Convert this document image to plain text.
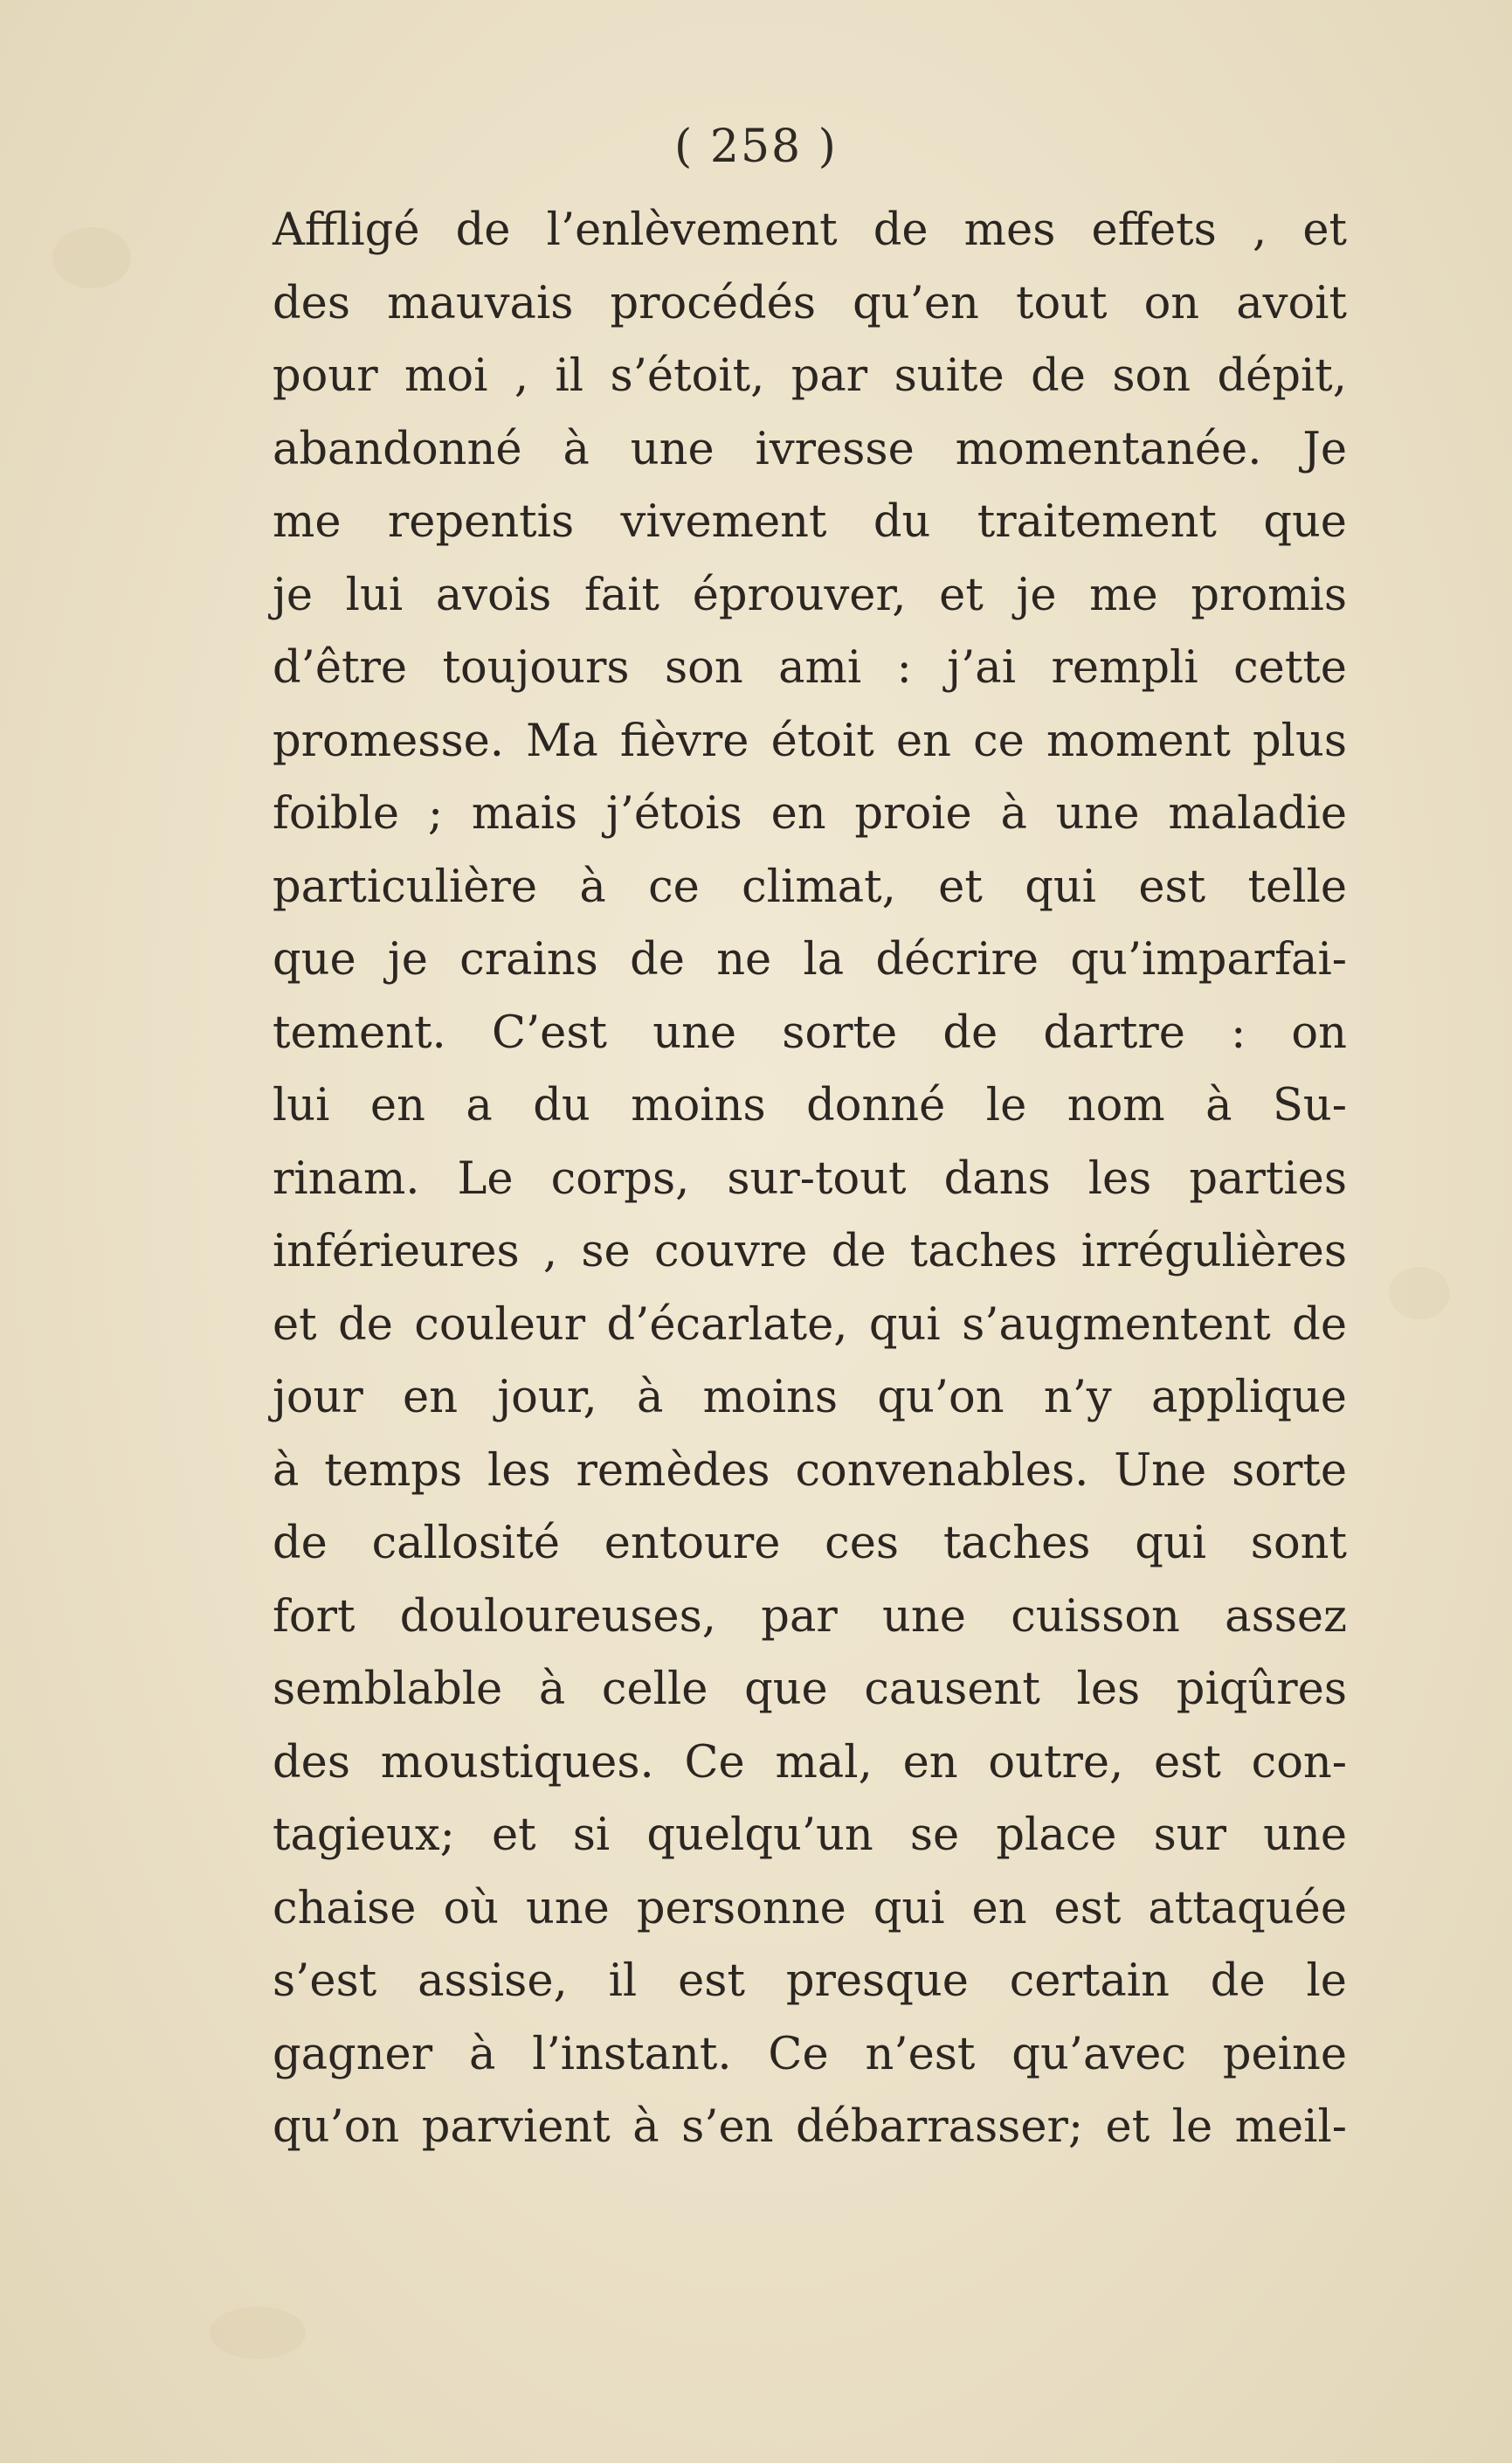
( 258 )
Affligé de l’enlèvement de mes effets , et
des mauvais procédés qu’en tout on avoit
pour moi , il s’étoit, par suite de son dépit,
abandonné à une ivresse momentanée. Je
me repentis vivement du traitement que
je lui avois fait éprouver, et je me promis
d’être toujours son ami : j’ai rempli cette
promesse. Ma fièvre étoit en ce moment plus
foible ; mais j’étois en proie à une maladie
particulière à ce climat, et qui est telle
que je crains de ne la décrire qu’imparfai-
tement. C’est une sorte de dartre : on
lui en a du moins donné le nom à Su-
rinam. Le corps, sur-tout dans les parties
inférieures , se couvre de taches irrégulières
et de couleur d’écarlate, qui s’augmentent de
jour en jour, à moins qu’on n’y applique
à temps les remèdes convenables. Une sorte
de callosité entoure ces taches qui sont
fort douloureuses, par une cuisson assez
semblable à celle que causent les piqûres
des moustiques. Ce mal, en outre, est con-
tagieux; et si quelqu’un se place sur une
chaise où une personne qui en est attaquée
s’est assise, il est presque certain de le
gagner à l’instant. Ce n’est qu’avec peine
qu’on parvient à s’en débarrasser; et le meil-
